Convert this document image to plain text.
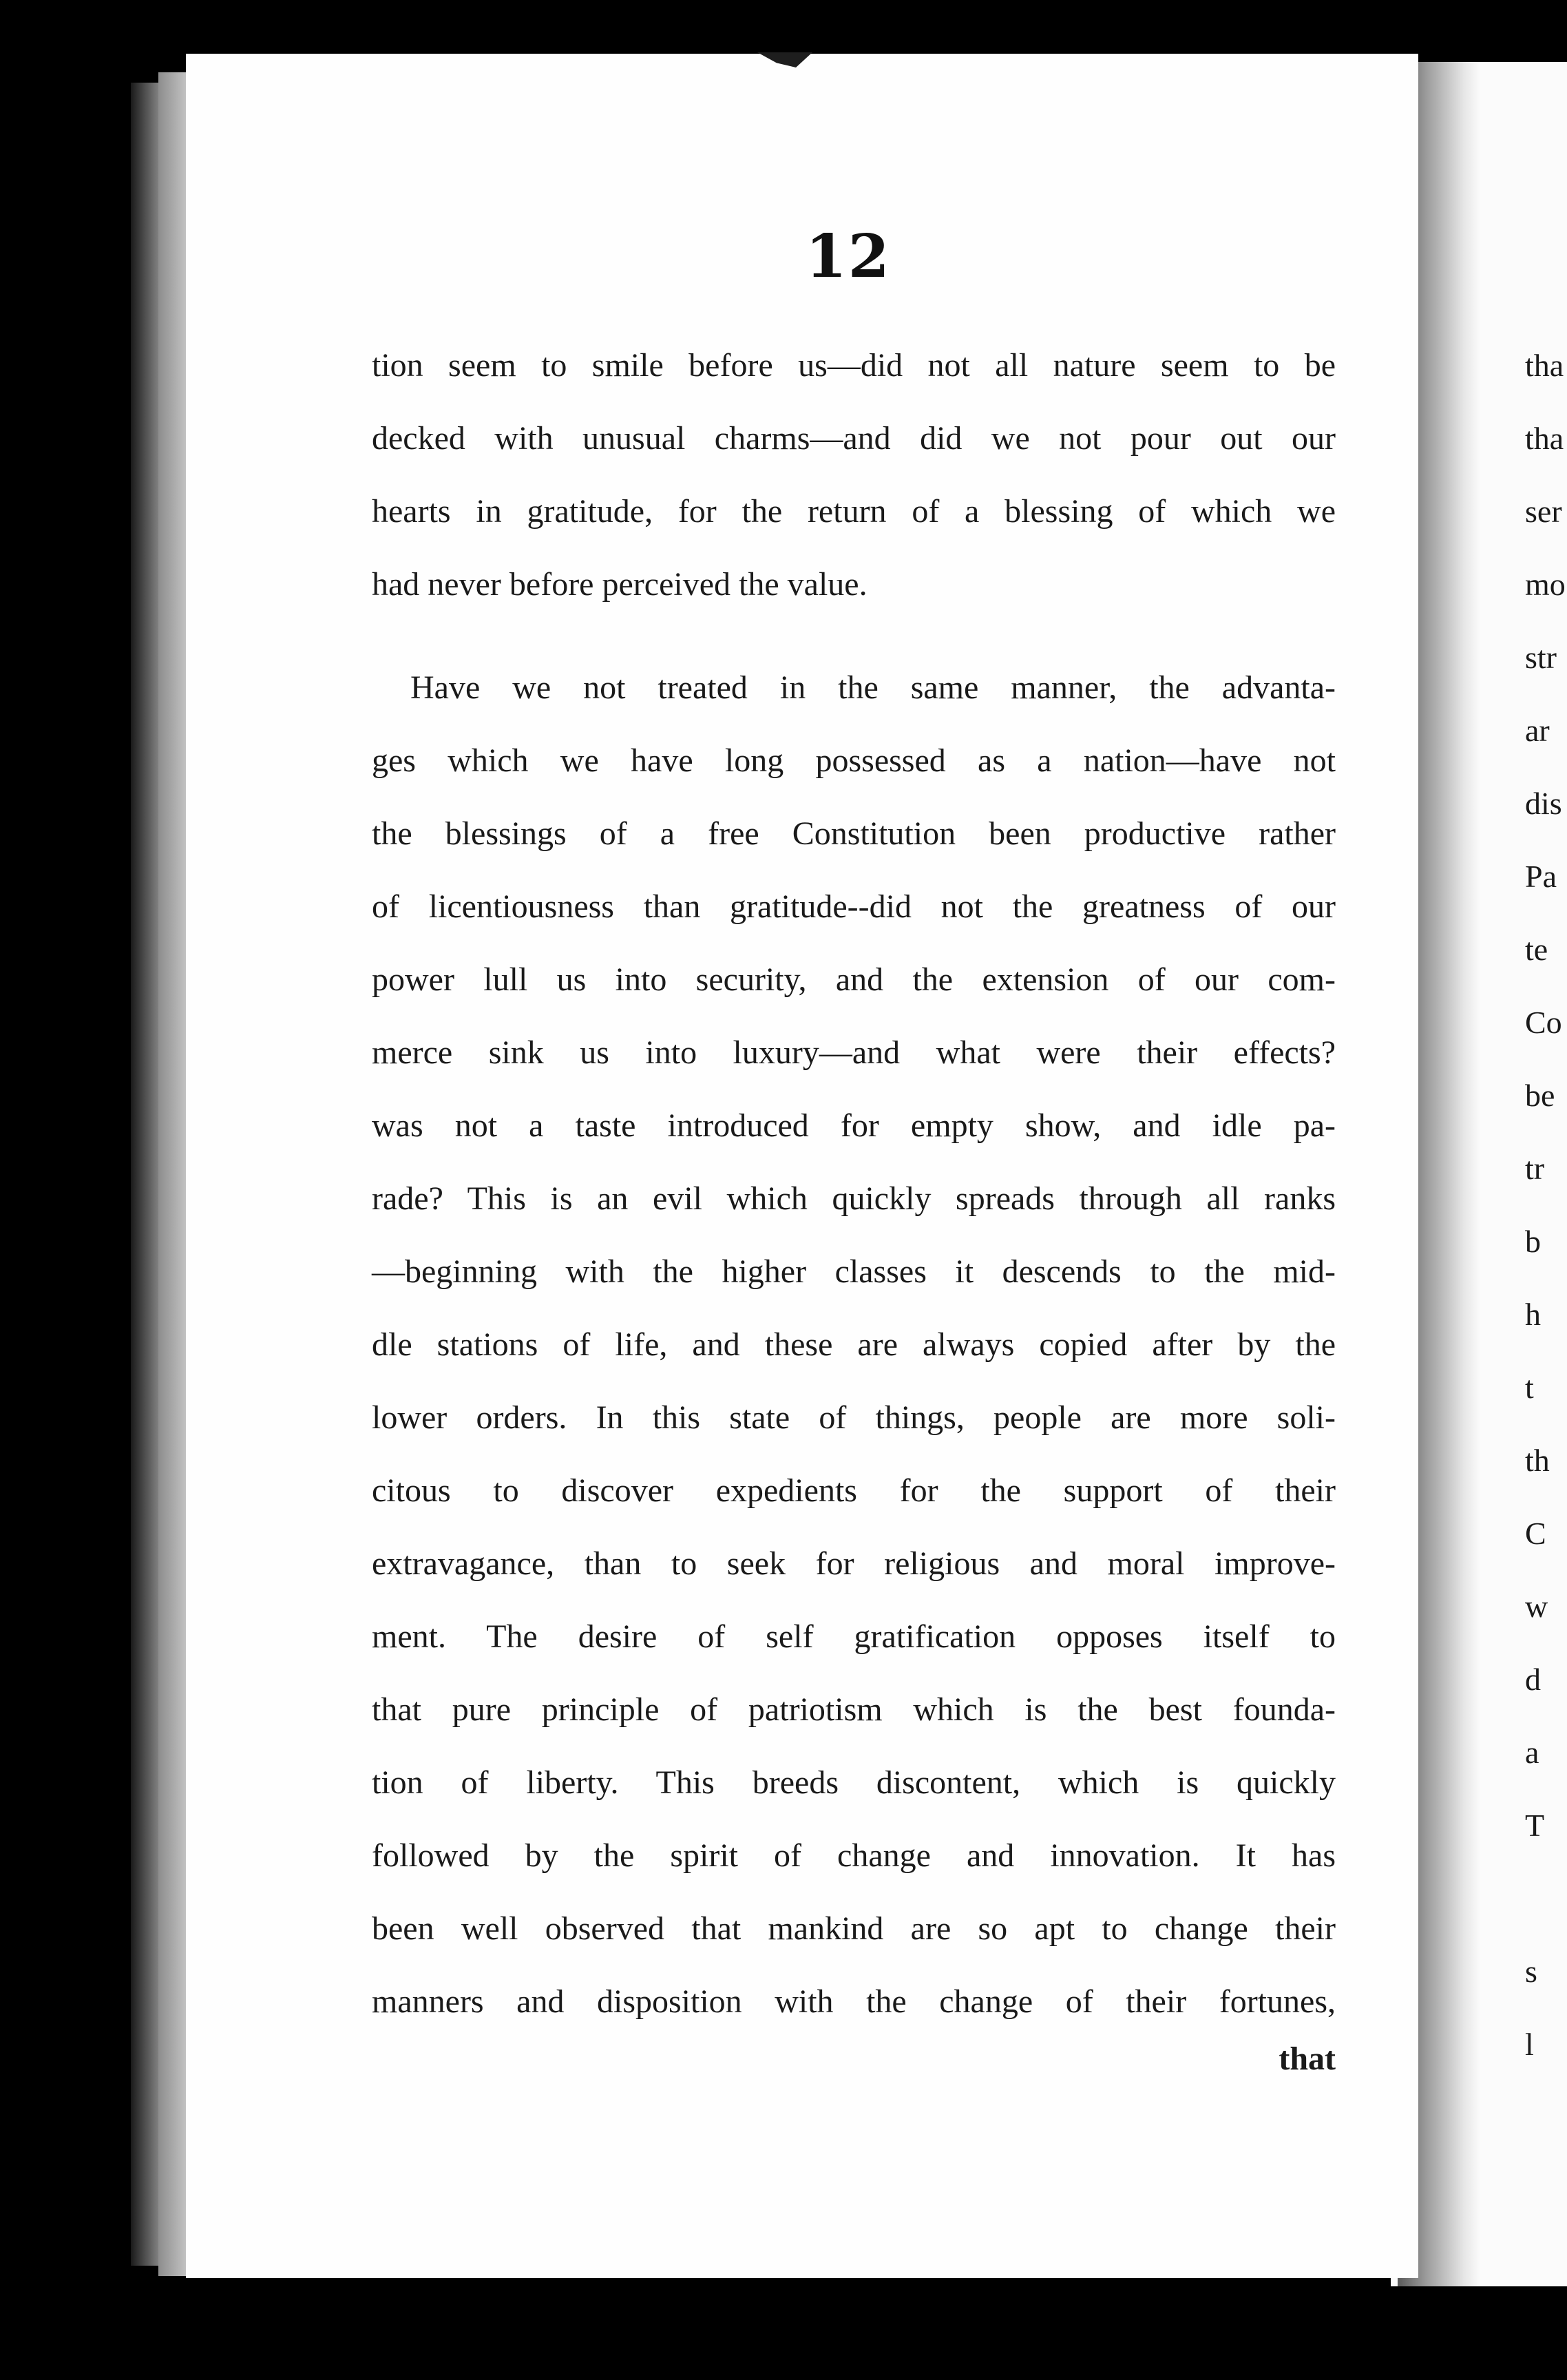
12
tion seem to smile before us—did not all nature seem to be
decked with unusual charms—and did we not pour out our
hearts in gratitude, for the return of a blessing of which we
had never before perceived the value.
Have we not treated in the same manner, the advanta-
ges which we have long possessed as a nation—have not
the blessings of a free Constitution been productive rather
of licentiousness than gratitude--did not the greatness of our
power lull us into security, and the extension of our com-
merce sink us into luxury—and what were their effects?
was not a taste introduced for empty show, and idle pa-
rade? This is an evil which quickly spreads through all ranks
—beginning with the higher classes it descends to the mid-
dle stations of life, and these are always copied after by the
lower orders. In this state of things, people are more soli-
citous to discover expedients for the support of their
extravagance, than to seek for religious and moral improve-
ment. The desire of self gratification opposes itself to
that pure principle of patriotism which is the best founda-
tion of liberty. This breeds discontent, which is quickly
followed by the spirit of change and innovation. It has
been well observed that mankind are so apt to change their
manners and disposition with the change of their fortunes,
that
tha
tha
ser
mo
str
ar
dis
Pa
te
Co
be
tr
b
h
t
th
C
w
d
a
T
s
l
